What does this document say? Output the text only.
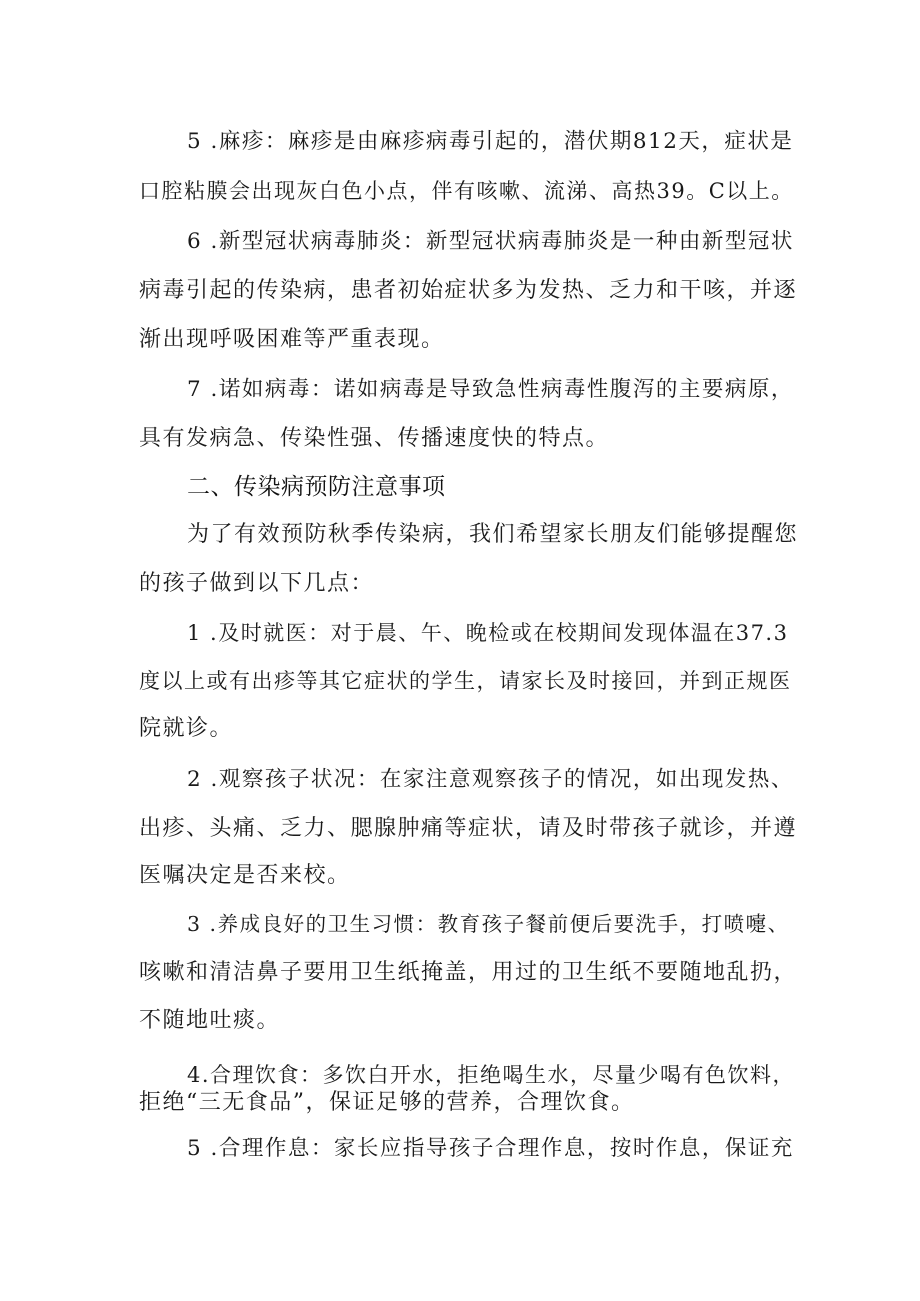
5 .麻疹：麻疹是由麻疹病毒引起的，潜伏期812天，症状是
口腔粘膜会出现灰白色小点，伴有咳嗽、流涕、高热39。C以上。
6 .新型冠状病毒肺炎：新型冠状病毒肺炎是一种由新型冠状
病毒引起的传染病，患者初始症状多为发热、乏力和干咳，并逐
渐出现呼吸困难等严重表现。
7 .诺如病毒：诺如病毒是导致急性病毒性腹泻的主要病原，
具有发病急、传染性强、传播速度快的特点。
二、传染病预防注意事项
为了有效预防秋季传染病，我们希望家长朋友们能够提醒您
的孩子做到以下几点：
1 .及时就医：对于晨、午、晚检或在校期间发现体温在37.3
度以上或有出疹等其它症状的学生，请家长及时接回，并到正规医
院就诊。
2 .观察孩子状况：在家注意观察孩子的情况，如出现发热、
出疹、头痛、乏力、腮腺肿痛等症状，请及时带孩子就诊，并遵
医嘱决定是否来校。
3 .养成良好的卫生习惯：教育孩子餐前便后要洗手，打喷嚏、
咳嗽和清洁鼻子要用卫生纸掩盖，用过的卫生纸不要随地乱扔，
不随地吐痰。
4.合理饮食：多饮白开水，拒绝喝生水，尽量少喝有色饮料，
拒绝“三无食品”，保证足够的营养，合理饮食。
5 .合理作息：家长应指导孩子合理作息，按时作息，保证充
